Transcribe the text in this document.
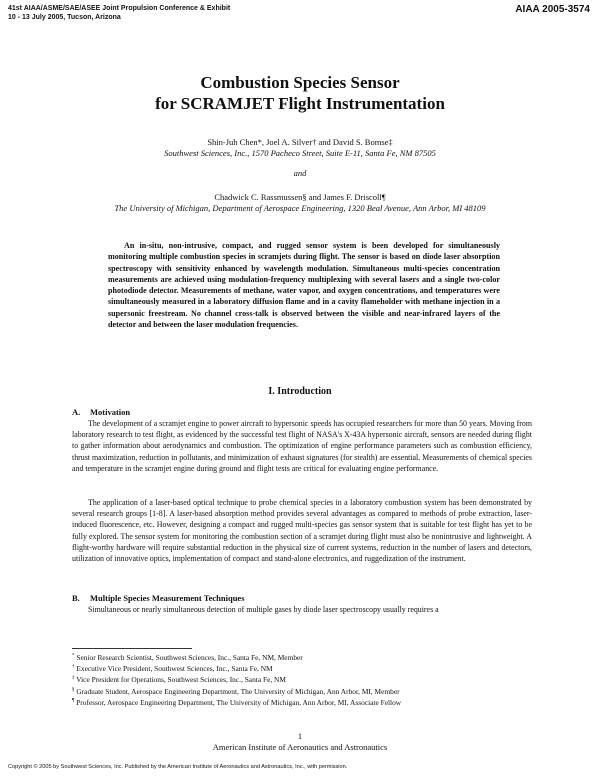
41st AIAA/ASME/SAE/ASEE Joint Propulsion Conference & Exhibit
10 - 13 July 2005, Tucson, Arizona
AIAA 2005-3574
Combustion Species Sensor
for SCRAMJET Flight Instrumentation
Shin-Juh Chen*, Joel A. Silver† and David S. Bomse‡
Southwest Sciences, Inc., 1570 Pacheco Street, Suite E-11, Santa Fe, NM 87505
and
Chadwick C. Rassmussen§ and James F. Driscoll¶
The University of Michigan, Department of Aerospace Engineering, 1320 Beal Avenue, Ann Arbor, MI 48109

An in-situ, non-intrusive, compact, and rugged sensor system is been developed for simultaneously monitoring multiple combustion species in scramjets during flight. The sensor is based on diode laser absorption spectroscopy with sensitivity enhanced by wavelength modulation. Simultaneous multi-species concentration measurements are achieved using modulation-frequency multiplexing with several lasers and a single two-color photodiode detector. Measurements of methane, water vapor, and oxygen concentrations, and temperatures were simultaneously measured in a laboratory diffusion flame and in a cavity flameholder with methane injection in a supersonic freestream. No channel cross-talk is observed between the visible and near-infrared layers of the detector and between the laser modulation frequencies.

I. Introduction
A. Motivation

The development of a scramjet engine to power aircraft to hypersonic speeds has occupied researchers for more than 50 years. Moving from laboratory research to test flight, as evidenced by the successful test flight of NASA's X-43A hypersonic aircraft, sensors are needed during flight to gather information about aerodynamics and combustion. The optimization of engine performance parameters such as combustion efficiency, thrust maximization, reduction in pollutants, and minimization of exhaust signatures (for stealth) are essential. Measurements of chemical species and temperature in the scramjet engine during ground and flight tests are critical for evaluating engine performance.

The application of a laser-based optical technique to probe chemical species in a laboratory combustion system has been demonstrated by several research groups [1-8]. A laser-based absorption method provides several advantages as compared to methods of probe extraction, laser-induced fluorescence, etc. However, designing a compact and rugged multi-species gas sensor system that is suitable for test flight has yet to be fully explored. The sensor system for monitoring the combustion section of a scramjet during flight must also be nonintrusive and lightweight. A flight-worthy hardware will require substantial reduction in the physical size of current systems, reduction in the number of lasers and detectors, utilization of innovative optics, implementation of compact and stand-alone electronics, and ruggedization of the instrument.

B. Multiple Species Measurement Techniques

Simultaneous or nearly simultaneous detection of multiple gases by diode laser spectroscopy usually requires a

* Senior Research Scientist, Southwest Sciences, Inc., Santa Fe, NM, Member
† Executive Vice President, Southwest Sciences, Inc., Santa Fe, NM
‡ Vice President for Operations, Southwest Sciences, Inc., Santa Fe, NM
§ Graduate Student, Aerospace Engineering Department, The University of Michigan, Ann Arbor, MI, Member
¶ Professor, Aerospace Engineering Department, The University of Michigan, Ann Arbor, MI, Associate Fellow
1
American Institute of Aeronautics and Astronautics
Copyright © 2005 by Southwest Sciences, Inc. Published by the American Institute of Aeronautics and Astronautics, Inc., with permission.
